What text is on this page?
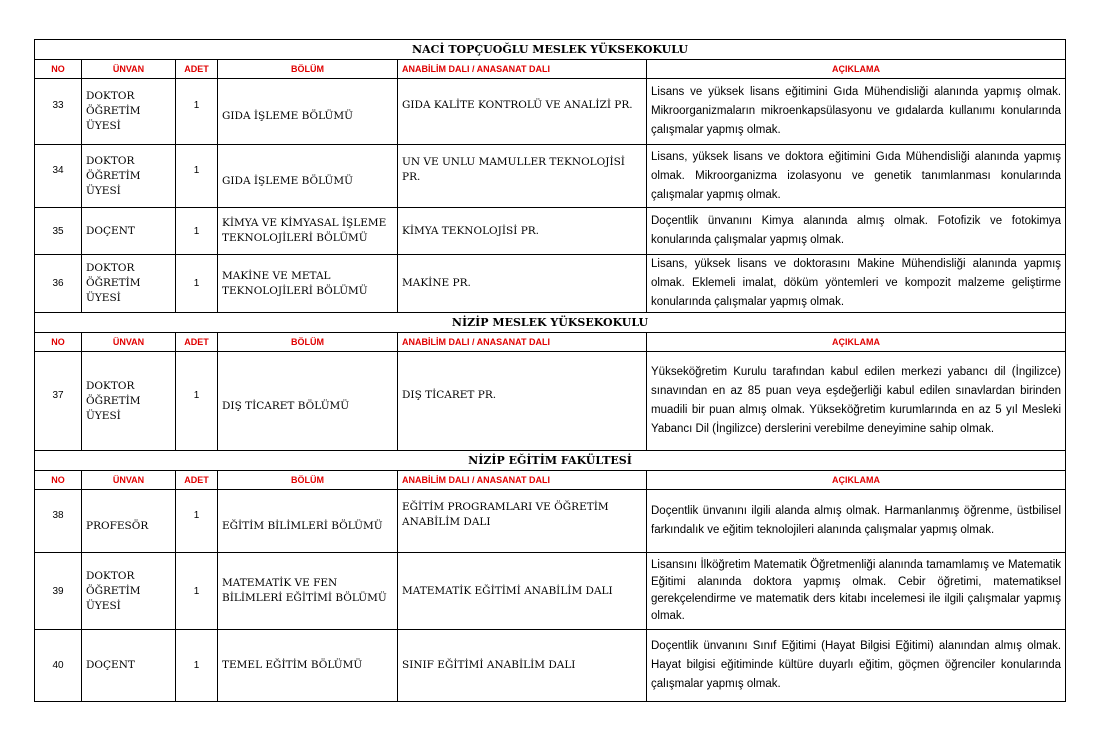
NACİ TOPÇUOĞLU MESLEK YÜKSEKOKULU					
NO	ÜNVAN	ADET	BÖLÜM	ANABİLİM DALI / ANASANAT DALI	AÇIKLAMA
33	DOKTOR ÖĞRETİM ÜYESİ	1	GIDA İŞLEME BÖLÜMÜ	GIDA KALİTE KONTROLÜ VE ANALİZİ PR.	Lisans ve yüksek lisans eğitimini Gıda Mühendisliği alanında yapmış olmak. Mikroorganizmaların mikroenkapsülasyonu ve gıdalarda kullanımı konularında çalışmalar yapmış olmak.
34	DOKTOR ÖĞRETİM ÜYESİ	1	GIDA İŞLEME BÖLÜMÜ	UN VE UNLU MAMULLER TEKNOLOJİSİ PR.	Lisans, yüksek lisans ve doktora eğitimini Gıda Mühendisliği alanında yapmış olmak. Mikroorganizma izolasyonu ve genetik tanımlanması konularında çalışmalar yapmış olmak.
35	DOÇENT	1	KİMYA VE KİMYASAL İŞLEME TEKNOLOJİLERİ BÖLÜMÜ	KİMYA TEKNOLOJİSİ PR.	Doçentlik ünvanını Kimya alanında almış olmak. Fotofizik ve fotokimya konularında çalışmalar yapmış olmak.
36	DOKTOR ÖĞRETİM ÜYESİ	1	MAKİNE VE METAL TEKNOLOJİLERİ BÖLÜMÜ	MAKİNE PR.	Lisans, yüksek lisans ve doktorasını Makine Mühendisliği alanında yapmış olmak. Eklemeli imalat, döküm yöntemleri ve kompozit malzeme geliştirme konularında çalışmalar yapmış olmak.
NİZİP MESLEK YÜKSEKOKULU					
NO	ÜNVAN	ADET	BÖLÜM	ANABİLİM DALI / ANASANAT DALI	AÇIKLAMA
37	DOKTOR ÖĞRETİM ÜYESİ	1	DIŞ TİCARET BÖLÜMÜ	DIŞ TİCARET PR.	Yükseköğretim Kurulu tarafından kabul edilen merkezi yabancı dil (İngilizce) sınavından en az 85 puan veya eşdeğerliği kabul edilen sınavlardan birinden muadili bir puan almış olmak. Yükseköğretim kurumlarında en az 5 yıl Mesleki Yabancı Dil (İngilizce) derslerini verebilme deneyimine sahip olmak.
NİZİP EĞİTİM FAKÜLTESİ					
NO	ÜNVAN	ADET	BÖLÜM	ANABİLİM DALI / ANASANAT DALI	AÇIKLAMA
38	PROFESÖR	1	EĞİTİM BİLİMLERİ BÖLÜMÜ	EĞİTİM PROGRAMLARI VE ÖĞRETİM ANABİLİM DALI	Doçentlik ünvanını ilgili alanda almış olmak. Harmanlanmış öğrenme, üstbilisel farkındalık ve eğitim teknolojileri alanında çalışmalar yapmış olmak.
39	DOKTOR ÖĞRETİM ÜYESİ	1	MATEMATİK VE FEN BİLİMLERİ EĞİTİMİ BÖLÜMÜ	MATEMATİK EĞİTİMİ ANABİLİM DALI	Lisansını İlköğretim Matematik Öğretmenliği alanında tamamlamış ve Matematik Eğitimi alanında doktora yapmış olmak. Cebir öğretimi, matematiksel gerekçelendirme ve matematik ders kitabı incelemesi ile ilgili çalışmalar yapmış olmak.
40	DOÇENT	1	TEMEL EĞİTİM BÖLÜMÜ	SINIF EĞİTİMİ ANABİLİM DALI	Doçentlik ünvanını Sınıf Eğitimi (Hayat Bilgisi Eğitimi) alanından almış olmak. Hayat bilgisi eğitiminde kültüre duyarlı eğitim, göçmen öğrenciler konularında çalışmalar yapmış olmak.
